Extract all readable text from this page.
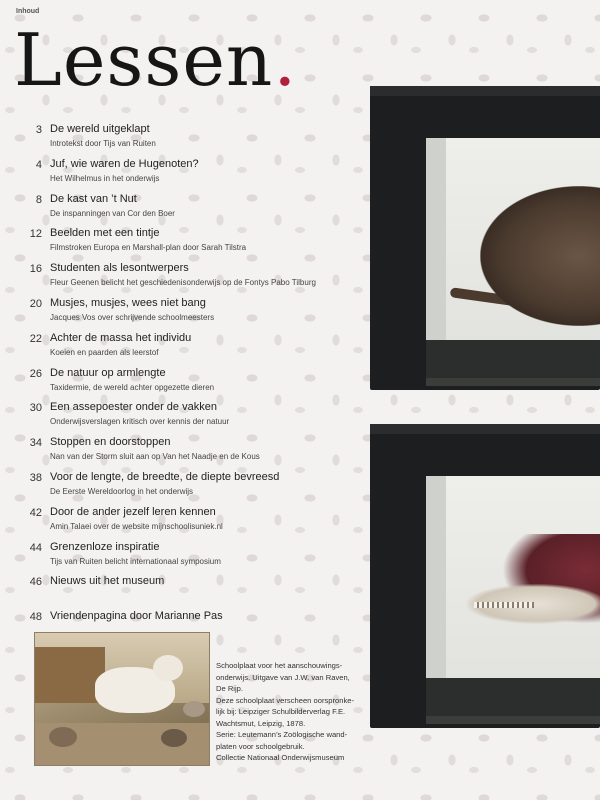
Inhoud
Lessen.
3 De wereld uitgeklapt
Introtekst door Tijs van Ruiten
4 Juf, wie waren de Hugenoten?
Het Wilhelmus in het onderwijs
8 De kast van ’t Nut
De inspanningen van Cor den Boer
12 Beelden met een tintje
Filmstroken Europa en Marshall-plan door Sarah Tilstra
16 Studenten als lesontwerpers
Fleur Geenen belicht het geschiedenisonderwijs op de Fontys Pabo Tilburg
20 Musjes, musjes, wees niet bang
Jacques Vos over schrijvende schoolmeesters
22 Achter de massa het individu
Koeien en paarden als leerstof
26 De natuur op armlengte
Taxidermie, de wereld achter opgezette dieren
30 Een assepoester onder de vakken
Onderwijsverslagen kritisch over kennis der natuur
34 Stoppen en doorstoppen
Nan van der Storm sluit aan op Van het Naadje en de Kous
38 Voor de lengte, de breedte, de diepte bevreesd
De Eerste Wereldoorlog in het onderwijs
42 Door de ander jezelf leren kennen
Amin Talaei over de website mijnschoolisuniek.nl
44 Grenzenloze inspiratie
Tijs van Ruiten belicht internationaal symposium
46 Nieuws uit het museum
48 Vriendenpagina door Marianne Pas
Schoolplaat voor het aanschouwings-
onderwijs. Uitgave van J.W. van Raven,
De Rijp.
Deze schoolplaat verscheen oorspronke-
lijk bij: Leipziger Schulbilderverlag F.E.
Wachtsmut, Leipzig, 1878.
Serie: Leutemann’s Zoölogische wand-
platen voor schoolgebruik.
Collectie Nationaal Onderwijsmuseum
